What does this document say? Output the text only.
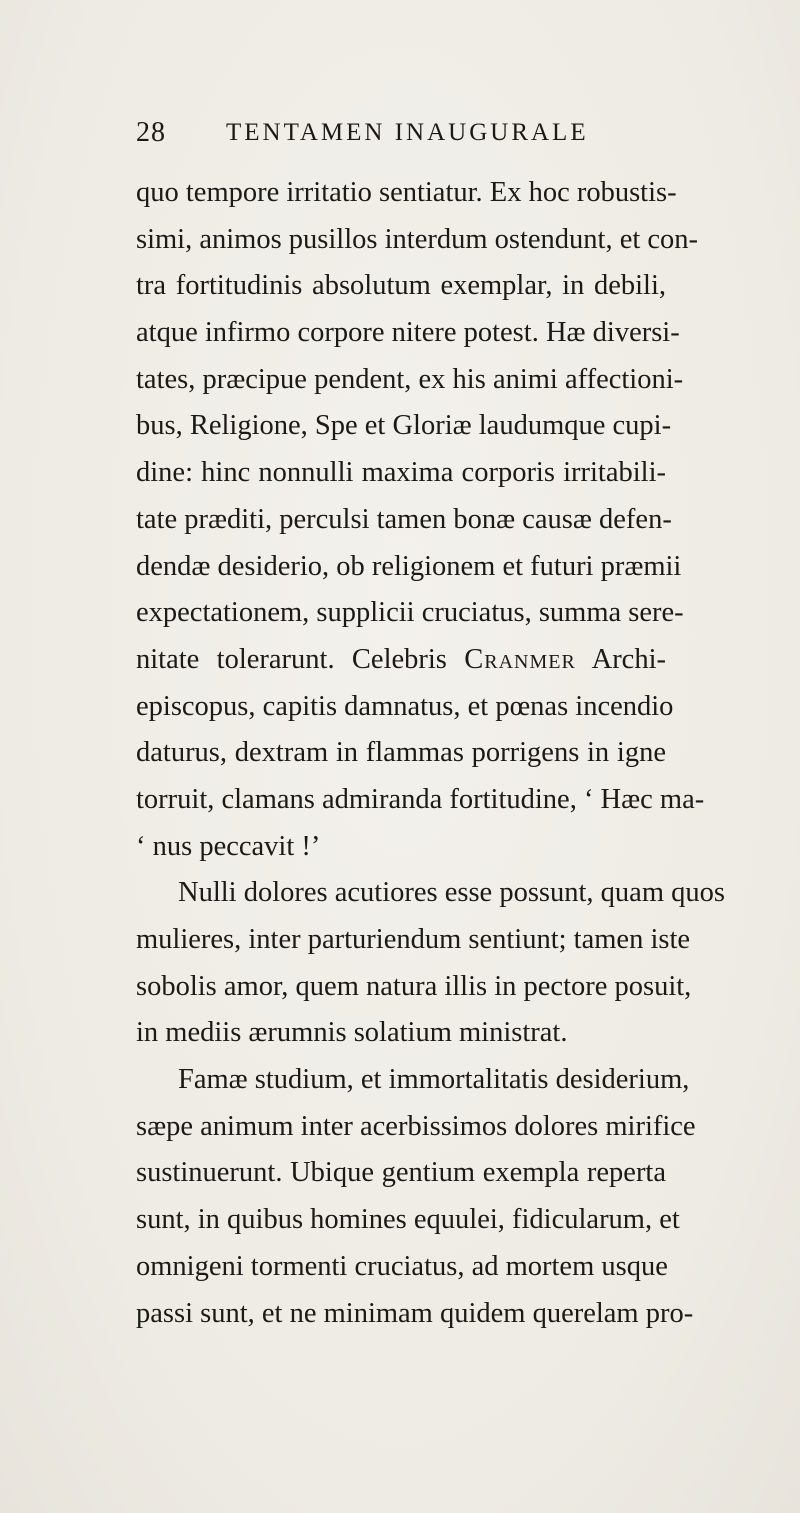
28 TENTAMEN INAUGURALE
quo tempore irritatio sentiatur. Ex hoc robustis-
simi, animos pusillos interdum ostendunt, et con-
tra fortitudinis absolutum exemplar, in debili,
atque infirmo corpore nitere potest. Hæ diversi-
tates, præcipue pendent, ex his animi affectioni-
bus, Religione, Spe et Gloriæ laudumque cupi-
dine: hinc nonnulli maxima corporis irritabili-
tate præditi, perculsi tamen bonæ causæ defen-
dendæ desiderio, ob religionem et futuri præmii
expectationem, supplicii cruciatus, summa sere-
nitate tolerarunt. Celebris Cranmer Archi-
episcopus, capitis damnatus, et pœnas incendio
daturus, dextram in flammas porrigens in igne
torruit, clamans admiranda fortitudine, ‘ Hæc ma-
‘ nus peccavit !’
Nulli dolores acutiores esse possunt, quam quos
mulieres, inter parturiendum sentiunt; tamen iste
sobolis amor, quem natura illis in pectore posuit,
in mediis ærumnis solatium ministrat.
Famæ studium, et immortalitatis desiderium,
sæpe animum inter acerbissimos dolores mirifice
sustinuerunt. Ubique gentium exempla reperta
sunt, in quibus homines equulei, fidicularum, et
omnigeni tormenti cruciatus, ad mortem usque
passi sunt, et ne minimam quidem querelam pro-
